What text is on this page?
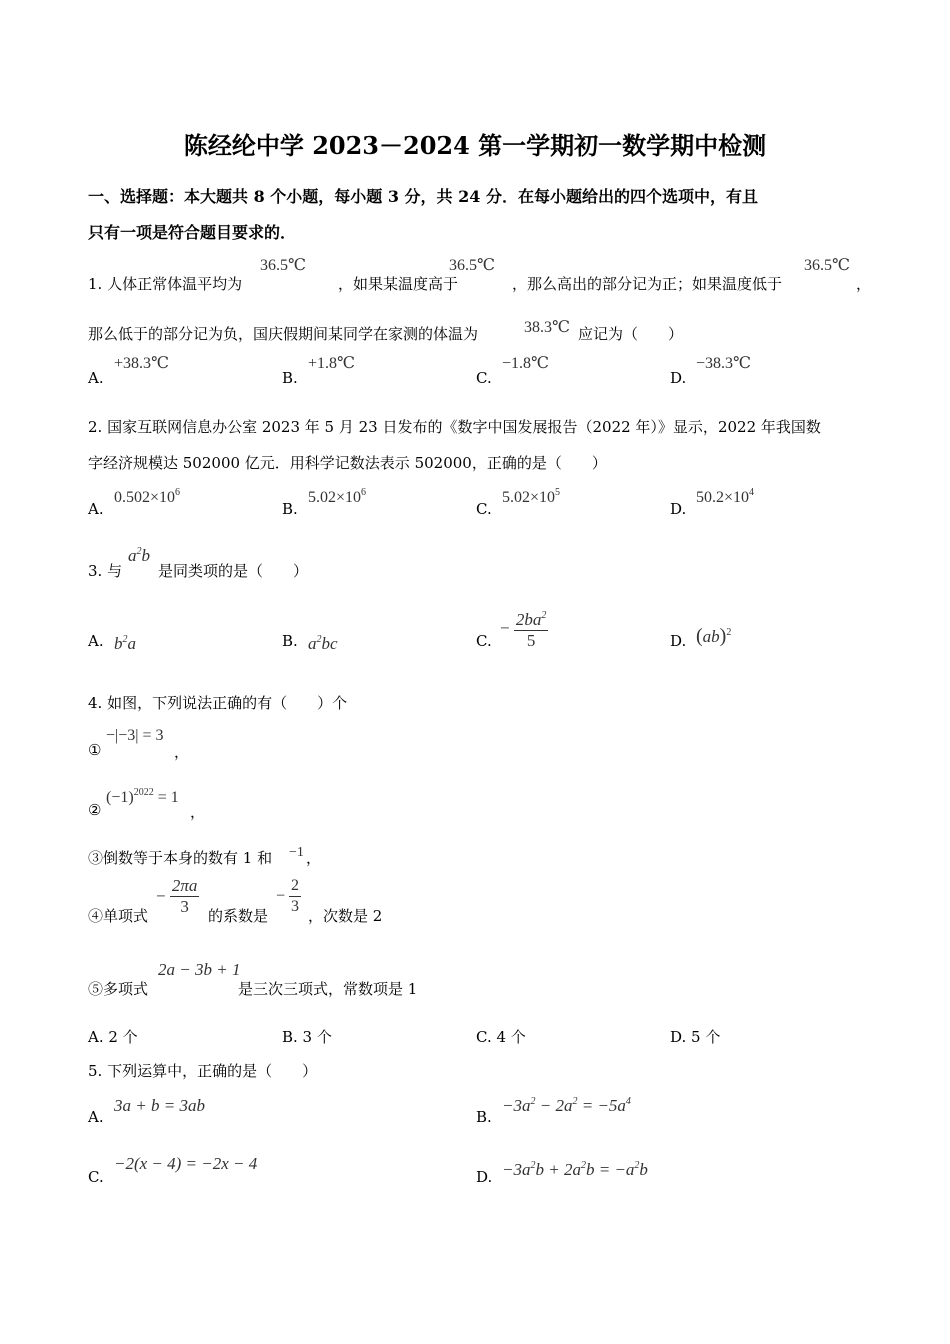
陈经纶中学 2023－2024 第一学期初一数学期中检测
一、选择题：本大题共 8 个小题，每小题 3 分，共 24 分．在每小题给出的四个选项中，有且
只有一项是符合题目要求的．
1. 人体正常体温平均为
36.5℃
，如果某温度高于
36.5℃
，那么高出的部分记为正；如果温度低于
36.5℃
，
那么低于的部分记为负，国庆假期间某同学在家测的体温为	38.3℃ 应记为（　　）
A.
+38.3℃
B.
+1.8℃
C.
−1.8℃
D.
−38.3℃
2. 国家互联网信息办公室 2023 年 5 月 23 日发布的《数字中国发展报告（2022 年）》显示，2022 年我国数
字经济规模达 502000 亿元．用科学记数法表示 502000，正确的是（　　）
A.
$0.502\times 10^6$
B.
$5.02\times 10^6$
C.
$5.02\times 10^5$
D.
$50.2\times 10^4$
3. 与
$a^2b$
是同类项的是（　　）
A. $b^2a$	B. $a^2bc$	C.
− $\frac{2ba^2}{5}$	D. (ab)$^2$
4. 如图，下列说法正确的有（　　）个
①
−|−3| = 3
，
②
$(-1)^{2022} = 1$
，
③倒数等于本身的数有 1 和 −1 ，
④单项式
− $\frac{2\pi a}{3}$ 的系数是
− $\frac{2}{3}$ ，次数是 2
⑤多项式
2a − 3b + 1
是三次三项式，常数项是 1
A. 2 个	B. 3 个	C. 4 个	D. 5 个
5. 下列运算中，正确的是（　　）
A.
3a + b = 3ab
B.
$-3a^2 - 2a^2 = -5a^4$
C.
−2(x − 4) = −2x − 4
D. $-3a^2b + 2a^2b = -a^2b$
